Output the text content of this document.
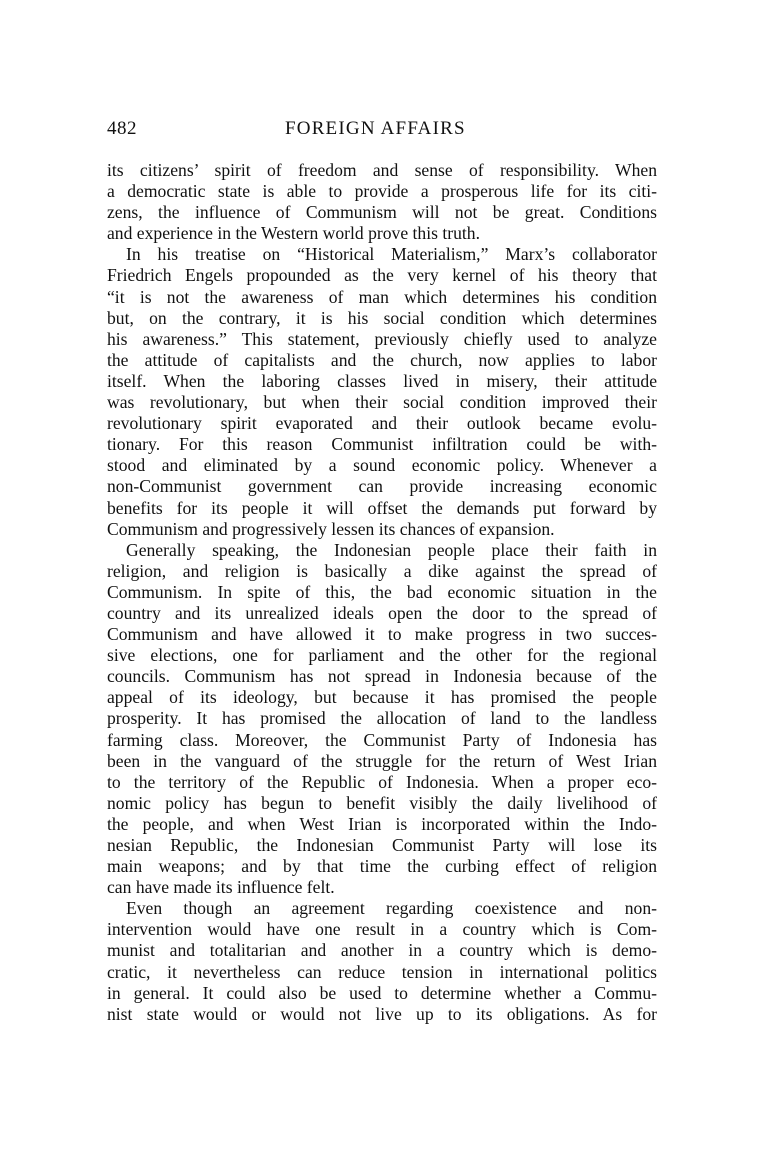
482	FOREIGN AFFAIRS
its citizens’ spirit of freedom and sense of responsibility. When
a democratic state is able to provide a prosperous life for its citi-
zens, the influence of Communism will not be great. Conditions
and experience in the Western world prove this truth.
In his treatise on “Historical Materialism,” Marx’s collaborator
Friedrich Engels propounded as the very kernel of his theory that
“it is not the awareness of man which determines his condition
but, on the contrary, it is his social condition which determines
his awareness.” This statement, previously chiefly used to analyze
the attitude of capitalists and the church, now applies to labor
itself. When the laboring classes lived in misery, their attitude
was revolutionary, but when their social condition improved their
revolutionary spirit evaporated and their outlook became evolu-
tionary. For this reason Communist infiltration could be with-
stood and eliminated by a sound economic policy. Whenever a
non-Communist government can provide increasing economic
benefits for its people it will offset the demands put forward by
Communism and progressively lessen its chances of expansion.
Generally speaking, the Indonesian people place their faith in
religion, and religion is basically a dike against the spread of
Communism. In spite of this, the bad economic situation in the
country and its unrealized ideals open the door to the spread of
Communism and have allowed it to make progress in two succes-
sive elections, one for parliament and the other for the regional
councils. Communism has not spread in Indonesia because of the
appeal of its ideology, but because it has promised the people
prosperity. It has promised the allocation of land to the landless
farming class. Moreover, the Communist Party of Indonesia has
been in the vanguard of the struggle for the return of West Irian
to the territory of the Republic of Indonesia. When a proper eco-
nomic policy has begun to benefit visibly the daily livelihood of
the people, and when West Irian is incorporated within the Indo-
nesian Republic, the Indonesian Communist Party will lose its
main weapons; and by that time the curbing effect of religion
can have made its influence felt.
Even though an agreement regarding coexistence and non-
intervention would have one result in a country which is Com-
munist and totalitarian and another in a country which is demo-
cratic, it nevertheless can reduce tension in international politics
in general. It could also be used to determine whether a Commu-
nist state would or would not live up to its obligations. As for
